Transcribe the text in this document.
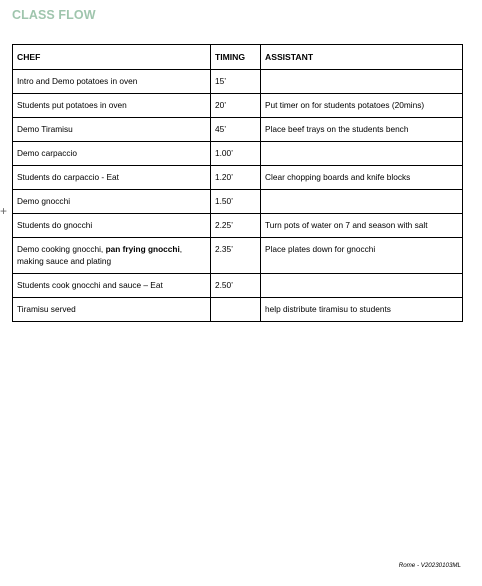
CLASS FLOW
+
CHEF	TIMING	ASSISTANT
Intro and Demo potatoes in oven	15’	
Students put potatoes in oven	20’	Put timer on for students potatoes (20mins)
Demo Tiramisu	45’	Place beef trays on the students bench
Demo carpaccio	1.00’	
Students do carpaccio - Eat	1.20’	Clear chopping boards and knife blocks
Demo gnocchi	1.50’	
Students do gnocchi	2.25’	Turn pots of water on 7 and season with salt
Demo cooking gnocchi, pan frying gnocchi, making sauce and plating	2.35’	Place plates down for gnocchi
Students cook gnocchi and sauce – Eat	2.50’	
Tiramisu served		help distribute tiramisu to students
Rome - V20230103ML
